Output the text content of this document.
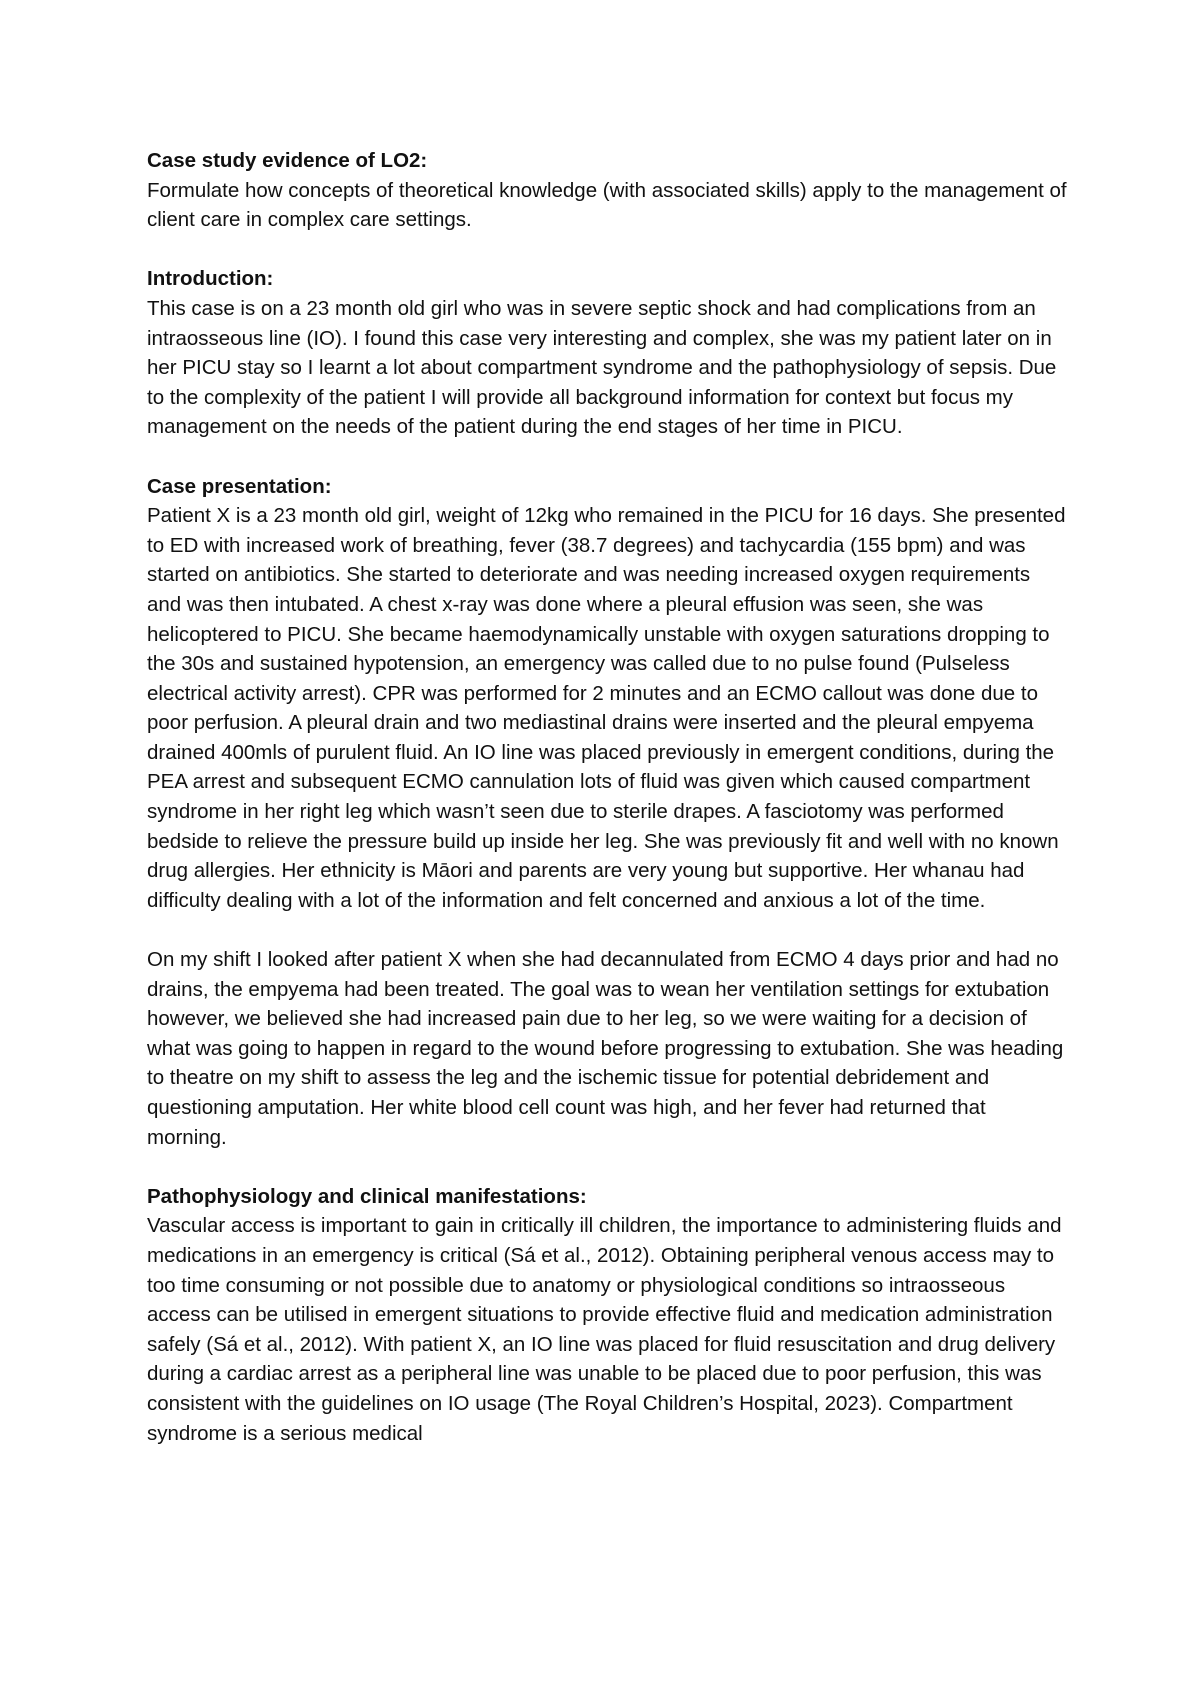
Case study evidence of LO2:

Formulate how concepts of theoretical knowledge (with associated skills) apply to the management of client care in complex care settings.

Introduction:

This case is on a 23 month old girl who was in severe septic shock and had complications from an intraosseous line (IO). I found this case very interesting and complex, she was my patient later on in her PICU stay so I learnt a lot about compartment syndrome and the pathophysiology of sepsis. Due to the complexity of the patient I will provide all background information for context but focus my management on the needs of the patient during the end stages of her time in PICU.

Case presentation:

Patient X is a 23 month old girl, weight of 12kg who remained in the PICU for 16 days. She presented to ED with increased work of breathing, fever (38.7 degrees) and tachycardia (155 bpm) and was started on antibiotics. She started to deteriorate and was needing increased oxygen requirements and was then intubated. A chest x-ray was done where a pleural effusion was seen, she was helicoptered to PICU. She became haemodynamically unstable with oxygen saturations dropping to the 30s and sustained hypotension, an emergency was called due to no pulse found (Pulseless electrical activity arrest). CPR was performed for 2 minutes and an ECMO callout was done due to poor perfusion. A pleural drain and two mediastinal drains were inserted and the pleural empyema drained 400mls of purulent fluid. An IO line was placed previously in emergent conditions, during the PEA arrest and subsequent ECMO cannulation lots of fluid was given which caused compartment syndrome in her right leg which wasn’t seen due to sterile drapes. A fasciotomy was performed bedside to relieve the pressure build up inside her leg. She was previously fit and well with no known drug allergies. Her ethnicity is Māori and parents are very young but supportive. Her whanau had difficulty dealing with a lot of the information and felt concerned and anxious a lot of the time.

On my shift I looked after patient X when she had decannulated from ECMO 4 days prior and had no drains, the empyema had been treated. The goal was to wean her ventilation settings for extubation however, we believed she had increased pain due to her leg, so we were waiting for a decision of what was going to happen in regard to the wound before progressing to extubation. She was heading to theatre on my shift to assess the leg and the ischemic tissue for potential debridement and questioning amputation. Her white blood cell count was high, and her fever had returned that morning.

Pathophysiology and clinical manifestations:

Vascular access is important to gain in critically ill children, the importance to administering fluids and medications in an emergency is critical (Sá et al., 2012). Obtaining peripheral venous access may to too time consuming or not possible due to anatomy or physiological conditions so intraosseous access can be utilised in emergent situations to provide effective fluid and medication administration safely (Sá et al., 2012). With patient X, an IO line was placed for fluid resuscitation and drug delivery during a cardiac arrest as a peripheral line was unable to be placed due to poor perfusion, this was consistent with the guidelines on IO usage (The Royal Children’s Hospital, 2023). Compartment syndrome is a serious medical
